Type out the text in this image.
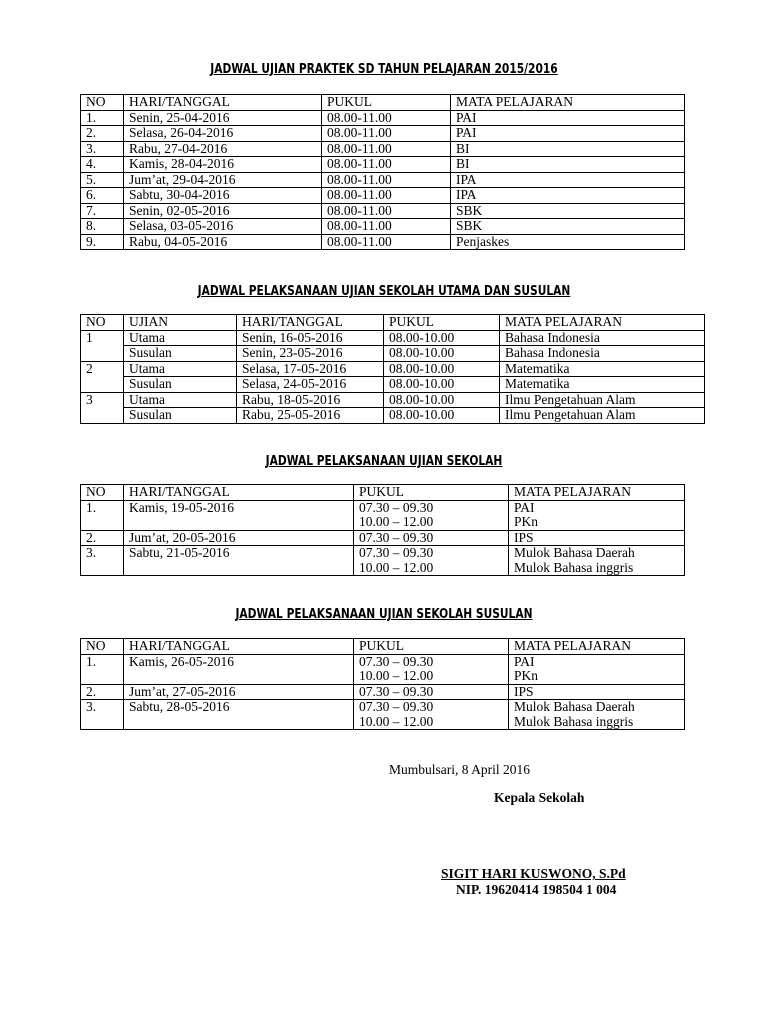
JADWAL UJIAN PRAKTEK SD TAHUN PELAJARAN 2015/2016
NO	HARI/TANGGAL	PUKUL	MATA PELAJARAN
1.	Senin, 25-04-2016	08.00-11.00	PAI
2.	Selasa, 26-04-2016	08.00-11.00	PAI
3.	Rabu, 27-04-2016	08.00-11.00	BI
4.	Kamis, 28-04-2016	08.00-11.00	BI
5.	Jum’at, 29-04-2016	08.00-11.00	IPA
6.	Sabtu, 30-04-2016	08.00-11.00	IPA
7.	Senin, 02-05-2016	08.00-11.00	SBK
8.	Selasa, 03-05-2016	08.00-11.00	SBK
9.	Rabu, 04-05-2016	08.00-11.00	Penjaskes
JADWAL PELAKSANAAN UJIAN SEKOLAH UTAMA DAN SUSULAN
NO	UJIAN	HARI/TANGGAL	PUKUL	MATA PELAJARAN
1	Utama	Senin, 16-05-2016	08.00-10.00	Bahasa Indonesia
	Susulan	Senin, 23-05-2016	08.00-10.00	Bahasa Indonesia
2	Utama	Selasa, 17-05-2016	08.00-10.00	Matematika
	Susulan	Selasa, 24-05-2016	08.00-10.00	Matematika
3	Utama	Rabu, 18-05-2016	08.00-10.00	Ilmu Pengetahuan Alam
	Susulan	Rabu, 25-05-2016	08.00-10.00	Ilmu Pengetahuan Alam
JADWAL PELAKSANAAN UJIAN SEKOLAH
NO	HARI/TANGGAL	PUKUL	MATA PELAJARAN
1.	Kamis, 19-05-2016	07.30 – 09.30	PAI
		10.00 – 12.00	PKn
2.	Jum’at, 20-05-2016	07.30 – 09.30	IPS
3.	Sabtu, 21-05-2016	07.30 – 09.30	Mulok Bahasa Daerah
		10.00 – 12.00	Mulok Bahasa inggris
JADWAL PELAKSANAAN UJIAN SEKOLAH SUSULAN
NO	HARI/TANGGAL	PUKUL	MATA PELAJARAN
1.	Kamis, 26-05-2016	07.30 – 09.30	PAI
		10.00 – 12.00	PKn
2.	Jum’at, 27-05-2016	07.30 – 09.30	IPS
3.	Sabtu, 28-05-2016	07.30 – 09.30	Mulok Bahasa Daerah
		10.00 – 12.00	Mulok Bahasa inggris
Mumbulsari, 8 April 2016
Kepala Sekolah
SIGIT HARI KUSWONO, S.Pd
NIP. 19620414 198504 1 004
